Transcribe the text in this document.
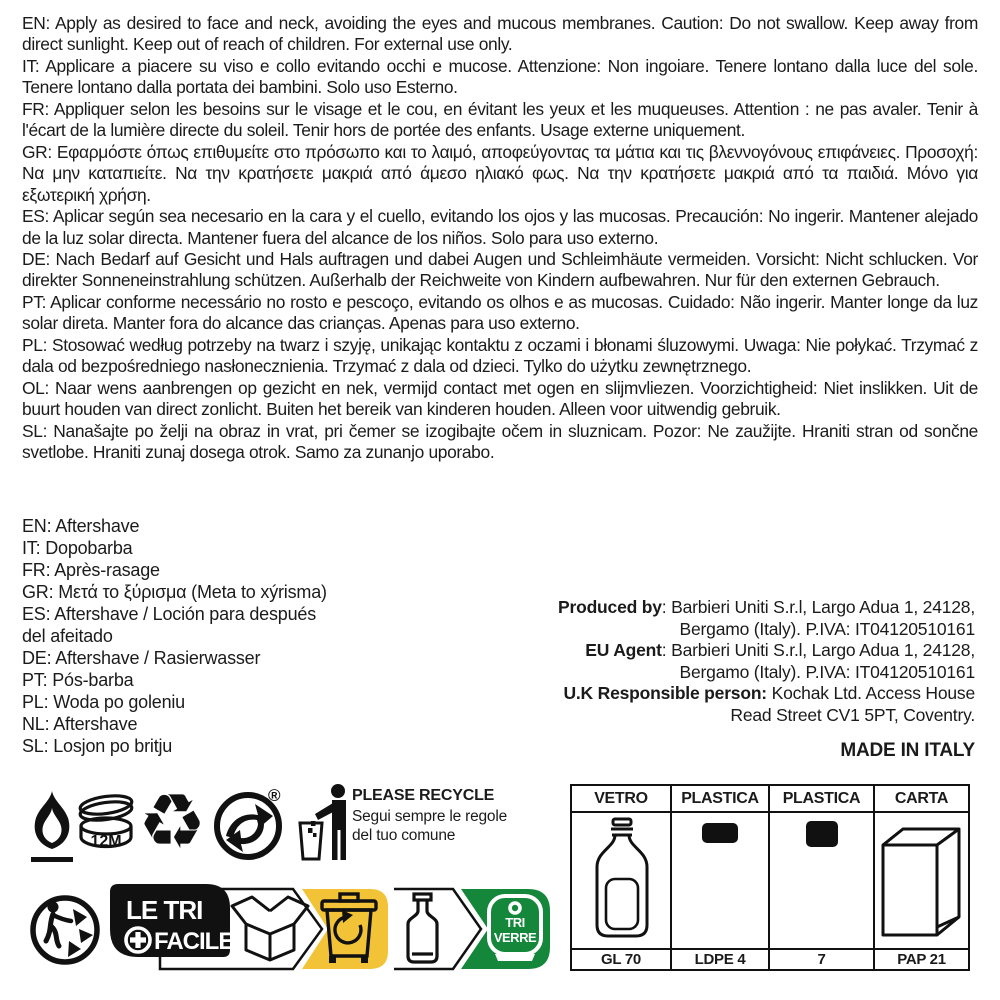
EN: Apply as desired to face and neck, avoiding the eyes and mucous membranes. Caution: Do not swallow. Keep away from direct sunlight. Keep out of reach of children. For external use only.

IT: Applicare a piacere su viso e collo evitando occhi e mucose. Attenzione: Non ingoiare. Tenere lontano dalla luce del sole. Tenere lontano dalla portata dei bambini. Solo uso Esterno.

FR: Appliquer selon les besoins sur le visage et le cou, en évitant les yeux et les muqueuses. Attention : ne pas avaler. Tenir à l'écart de la lumière directe du soleil. Tenir hors de portée des enfants. Usage externe uniquement.

GR: Εφαρμόστε όπως επιθυμείτε στο πρόσωπο και το λαιμό, αποφεύγοντας τα μάτια και τις βλεννογόνους επιφάνειες. Προσοχή: Να μην καταπιείτε. Να την κρατήσετε μακριά από άμεσο ηλιακό φως. Να την κρατήσετε μακριά από τα παιδιά. Μόνο για εξωτερική χρήση.

ES: Aplicar según sea necesario en la cara y el cuello, evitando los ojos y las mucosas. Precaución: No ingerir. Mantener alejado de la luz solar directa. Mantener fuera del alcance de los niños. Solo para uso externo.

DE: Nach Bedarf auf Gesicht und Hals auftragen und dabei Augen und Schleimhäute vermeiden. Vorsicht: Nicht schlucken. Vor direkter Sonneneinstrahlung schützen. Außerhalb der Reichweite von Kindern aufbewahren. Nur für den externen Gebrauch.

PT: Aplicar conforme necessário no rosto e pescoço, evitando os olhos e as mucosas. Cuidado: Não ingerir. Manter longe da luz solar direta. Manter fora do alcance das crianças. Apenas para uso externo.

PL: Stosować według potrzeby na twarz i szyję, unikając kontaktu z oczami i błonami śluzowymi. Uwaga: Nie połykać. Trzymać z dala od bezpośredniego nasłonecznienia. Trzymać z dala od dzieci. Tylko do użytku zewnętrznego.

OL: Naar wens aanbrengen op gezicht en nek, vermijd contact met ogen en slijmvliezen. Voorzichtigheid: Niet inslikken. Uit de buurt houden van direct zonlicht. Buiten het bereik van kinderen houden. Alleen voor uitwendig gebruik.

SL: Nanašajte po želji na obraz in vrat, pri čemer se izogibajte očem in sluznicam. Pozor: Ne zaužijte. Hraniti stran od sončne svetlobe. Hraniti zunaj dosega otrok. Samo za zunanjo uporabo.

EN: Aftershave

IT: Dopobarba

FR: Après-rasage

GR: Μετά το ξύρισμα (Meta to xýrisma)

ES: Aftershave / Loción para después del afeitado

DE: Aftershave / Rasierwasser

PT: Pós-barba

PL: Woda po goleniu

NL: Aftershave

SL: Losjon po britju

Produced by: Barbieri Uniti S.r.l, Largo Adua 1, 24128, Bergamo (Italy). P.IVA: IT04120510161

EU Agent: Barbieri Uniti S.r.l, Largo Adua 1, 24128, Bergamo (Italy). P.IVA: IT04120510161

U.K Responsible person: Kochak Ltd. Access House Read Street CV1 5PT, Coventry.

MADE IN ITALY
12M ♻	®	PLEASE RECYCLE

Segui sempre le regole

del tuo comune

TRI
VERRE
LE TRI
FACILE
VETRO	PLASTICA	PLASTICA	CARTA
GL 70	LDPE 4	7	PAP 21
